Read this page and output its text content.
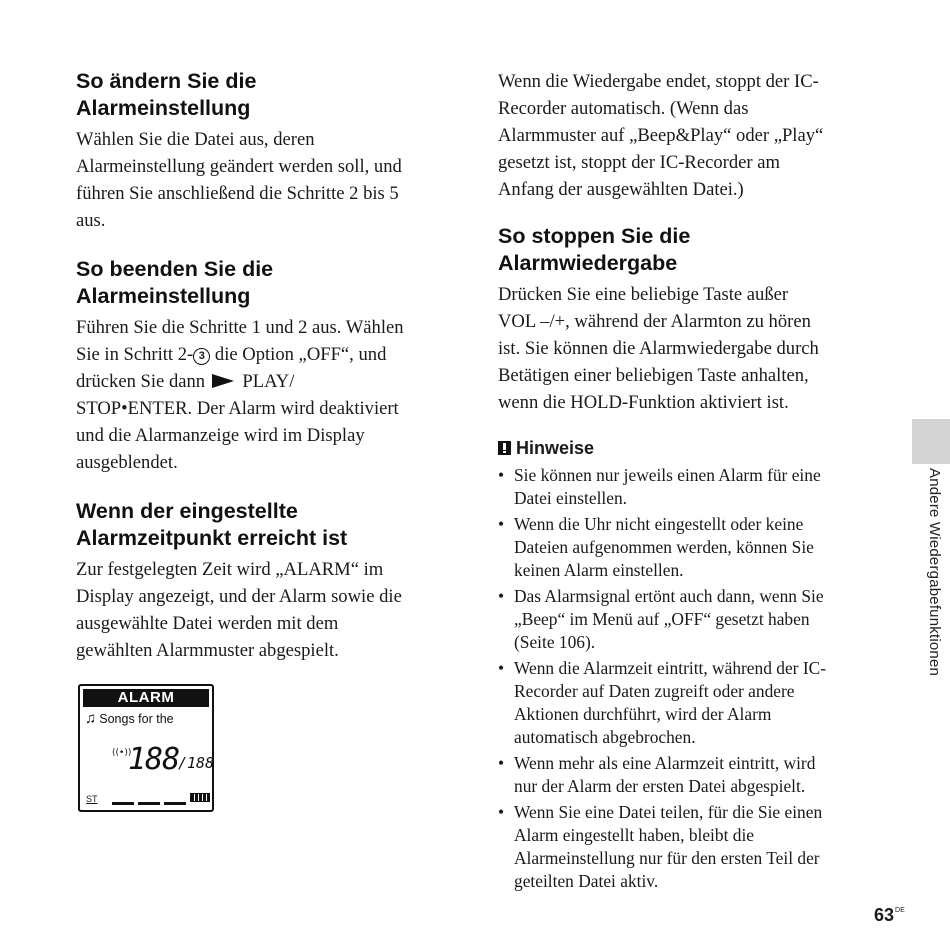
So ändern Sie die
Alarmeinstellung

Wählen Sie die Datei aus, deren
Alarmeinstellung geändert werden soll, und
führen Sie anschließend die Schritte 2 bis 5
aus.

So beenden Sie die
Alarmeinstellung

Führen Sie die Schritte 1 und 2 aus. Wählen
Sie in Schritt 2- 3 die Option „OFF“, und
drücken Sie dann  PLAY/
STOP•ENTER. Der Alarm wird deaktiviert
und die Alarmanzeige wird im Display
ausgeblendet.

Wenn der eingestellte
Alarmzeitpunkt erreicht ist

Zur festgelegten Zeit wird „ALARM“ im
Display angezeigt, und der Alarm sowie die
ausgewählte Datei werden mit dem
gewählten Alarmmuster abgespielt.

ALARM
♫ Songs for the
((•))
188
/188
ST

Wenn die Wiedergabe endet, stoppt der IC-
Recorder automatisch. (Wenn das
Alarmmuster auf „Beep&Play“ oder „Play“
gesetzt ist, stoppt der IC-Recorder am
Anfang der ausgewählten Datei.)

So stoppen Sie die
Alarmwiedergabe

Drücken Sie eine beliebige Taste außer
VOL –/+, während der Alarmton zu hören
ist. Sie können die Alarmwiedergabe durch
Betätigen einer beliebigen Taste anhalten,
wenn die HOLD-Funktion aktiviert ist.

Hinweise
• Sie können nur jeweils einen Alarm für eine
Datei einstellen.
• Wenn die Uhr nicht eingestellt oder keine
Dateien aufgenommen werden, können Sie
keinen Alarm einstellen.
• Das Alarmsignal ertönt auch dann, wenn Sie
„Beep“ im Menü auf „OFF“ gesetzt haben
(Seite 106).
• Wenn die Alarmzeit eintritt, während der IC-
Recorder auf Daten zugreift oder andere
Aktionen durchführt, wird der Alarm
automatisch abgebrochen.
• Wenn mehr als eine Alarmzeit eintritt, wird
nur der Alarm der ersten Datei abgespielt.
• Wenn Sie eine Datei teilen, für die Sie einen
Alarm eingestellt haben, bleibt die
Alarmeinstellung nur für den ersten Teil der
geteilten Datei aktiv.
Andere Wiedergabefunktionen
63DE
